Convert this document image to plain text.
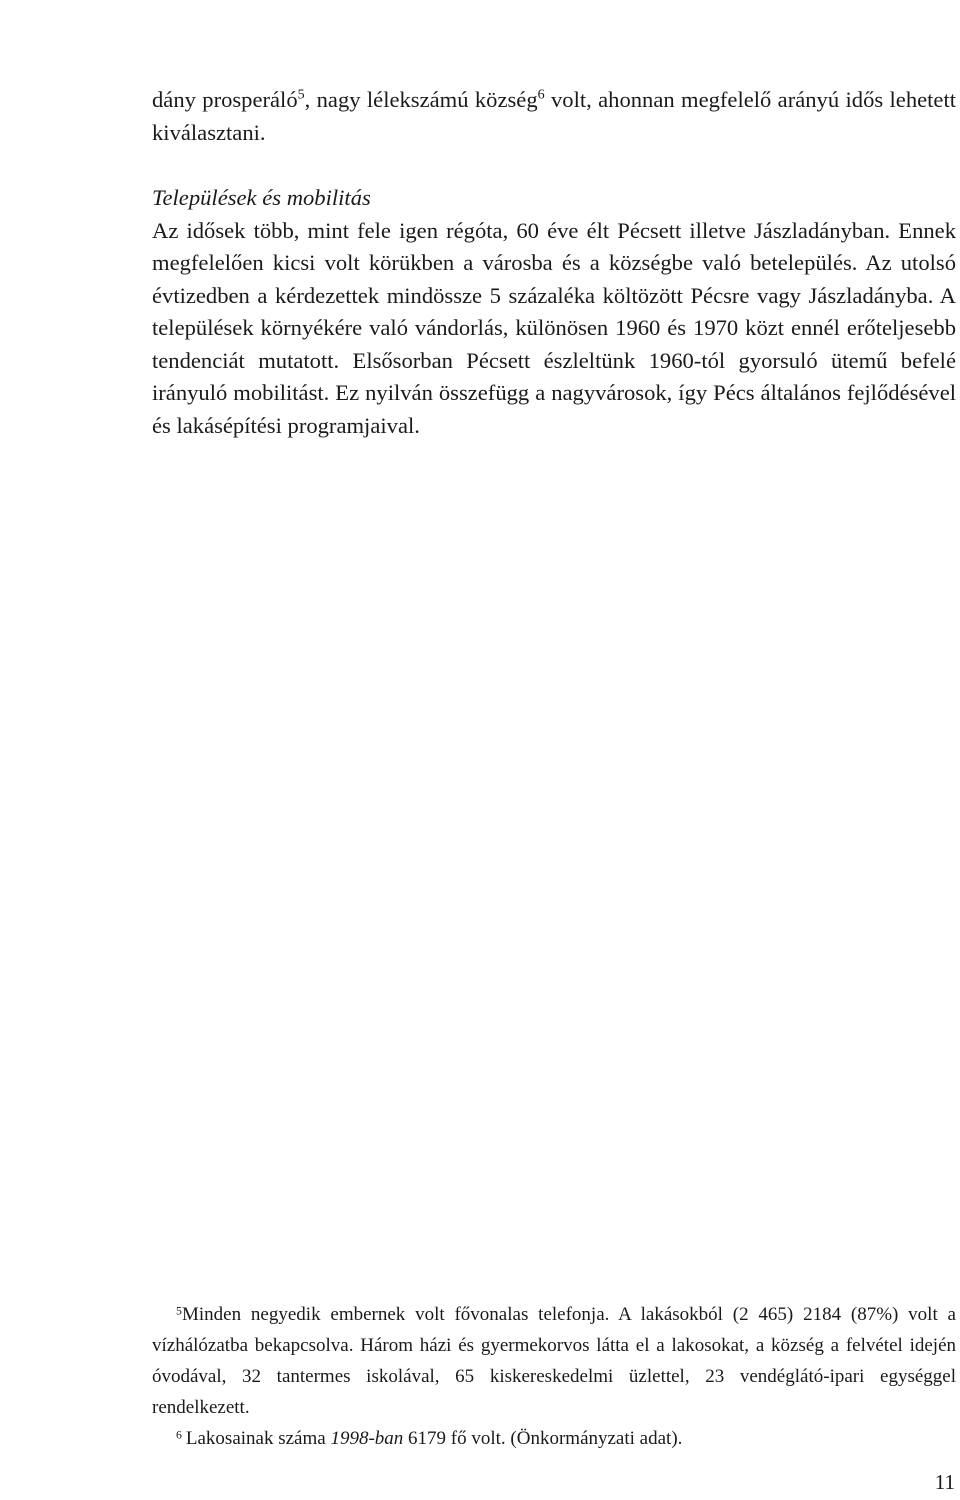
dány prosperáló$^5$, nagy lélekszámú község$^6$ volt, ahonnan megfelelő arányú idős lehetett kiválasztani.

Települések és mobilitás
Az idősek több, mint fele igen régóta, 60 éve élt Pécsett illetve Jászladányban. Ennek megfelelően kicsi volt körükben a városba és a községbe való betelepülés. Az utolsó évtizedben a kérdezettek mindössze 5 százaléka költözött Pécsre vagy Jászladányba. A települések környékére való vándorlás, különösen 1960 és 1970 közt ennél erőteljesebb tendenciát mutatott. Elsősorban Pécsett észleltünk 1960-tól gyorsuló ütemű befelé irányuló mobilitást. Ez nyilván összefügg a nagyvárosok, így Pécs általános fejlődésével és lakásépítési programjaival.

$^5$Minden negyedik embernek volt fővonalas telefonja. A lakásokból (2 465) 2184 (87%) volt a vízhálózatba bekapcsolva. Három házi és gyermekorvos látta el a lakosokat, a község a felvétel idején óvodával, 32 tantermes iskolával, 65 kiskereskedelmi üzlettel, 23 vendéglátó-ipari egységgel rendelkezett.

$^6$ Lakosainak száma 1998-ban 6179 fő volt. (Önkormányzati adat).

11
